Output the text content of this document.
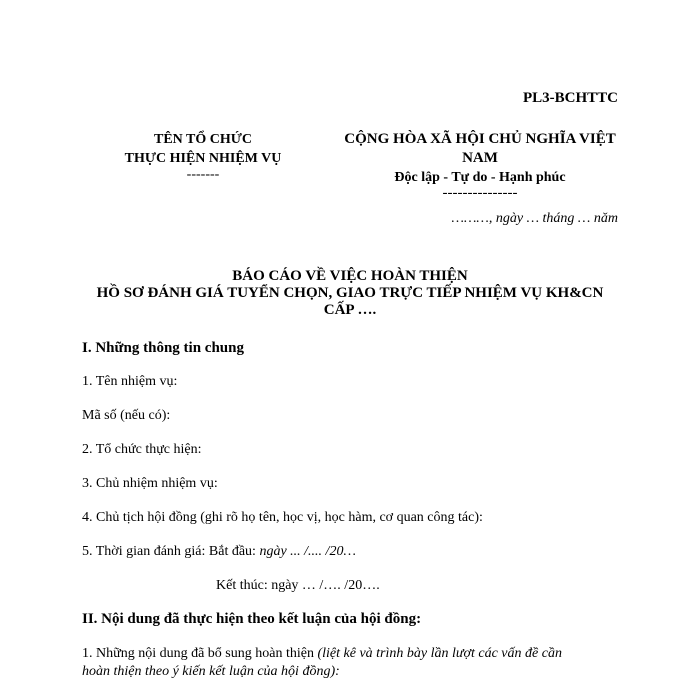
PL3-BCHTTC
TÊN TỔ CHỨC
THỰC HIỆN NHIỆM VỤ
-------
CỘNG HÒA XÃ HỘI CHỦ NGHĨA VIỆT
NAM
Độc lập - Tự do - Hạnh phúc
---------------
………, ngày … tháng … năm
BÁO CÁO VỀ VIỆC HOÀN THIỆN
HỒ SƠ ĐÁNH GIÁ TUYỂN CHỌN, GIAO TRỰC TIẾP NHIỆM VỤ KH&CN
CẤP ….
I. Những thông tin chung
1. Tên nhiệm vụ:
Mã số (nếu có):
2. Tổ chức thực hiện:
3. Chủ nhiệm nhiệm vụ:
4. Chủ tịch hội đồng (ghi rõ họ tên, học vị, học hàm, cơ quan công tác):
5. Thời gian đánh giá: Bắt đầu: ngày ... /.... /20…
Kết thúc: ngày … /…. /20….
II. Nội dung đã thực hiện theo kết luận của hội đồng:
1. Những nội dung đã bổ sung hoàn thiện (liệt kê và trình bày lần lượt các vấn đề cần
hoàn thiện theo ý kiến kết luận của hội đồng):
